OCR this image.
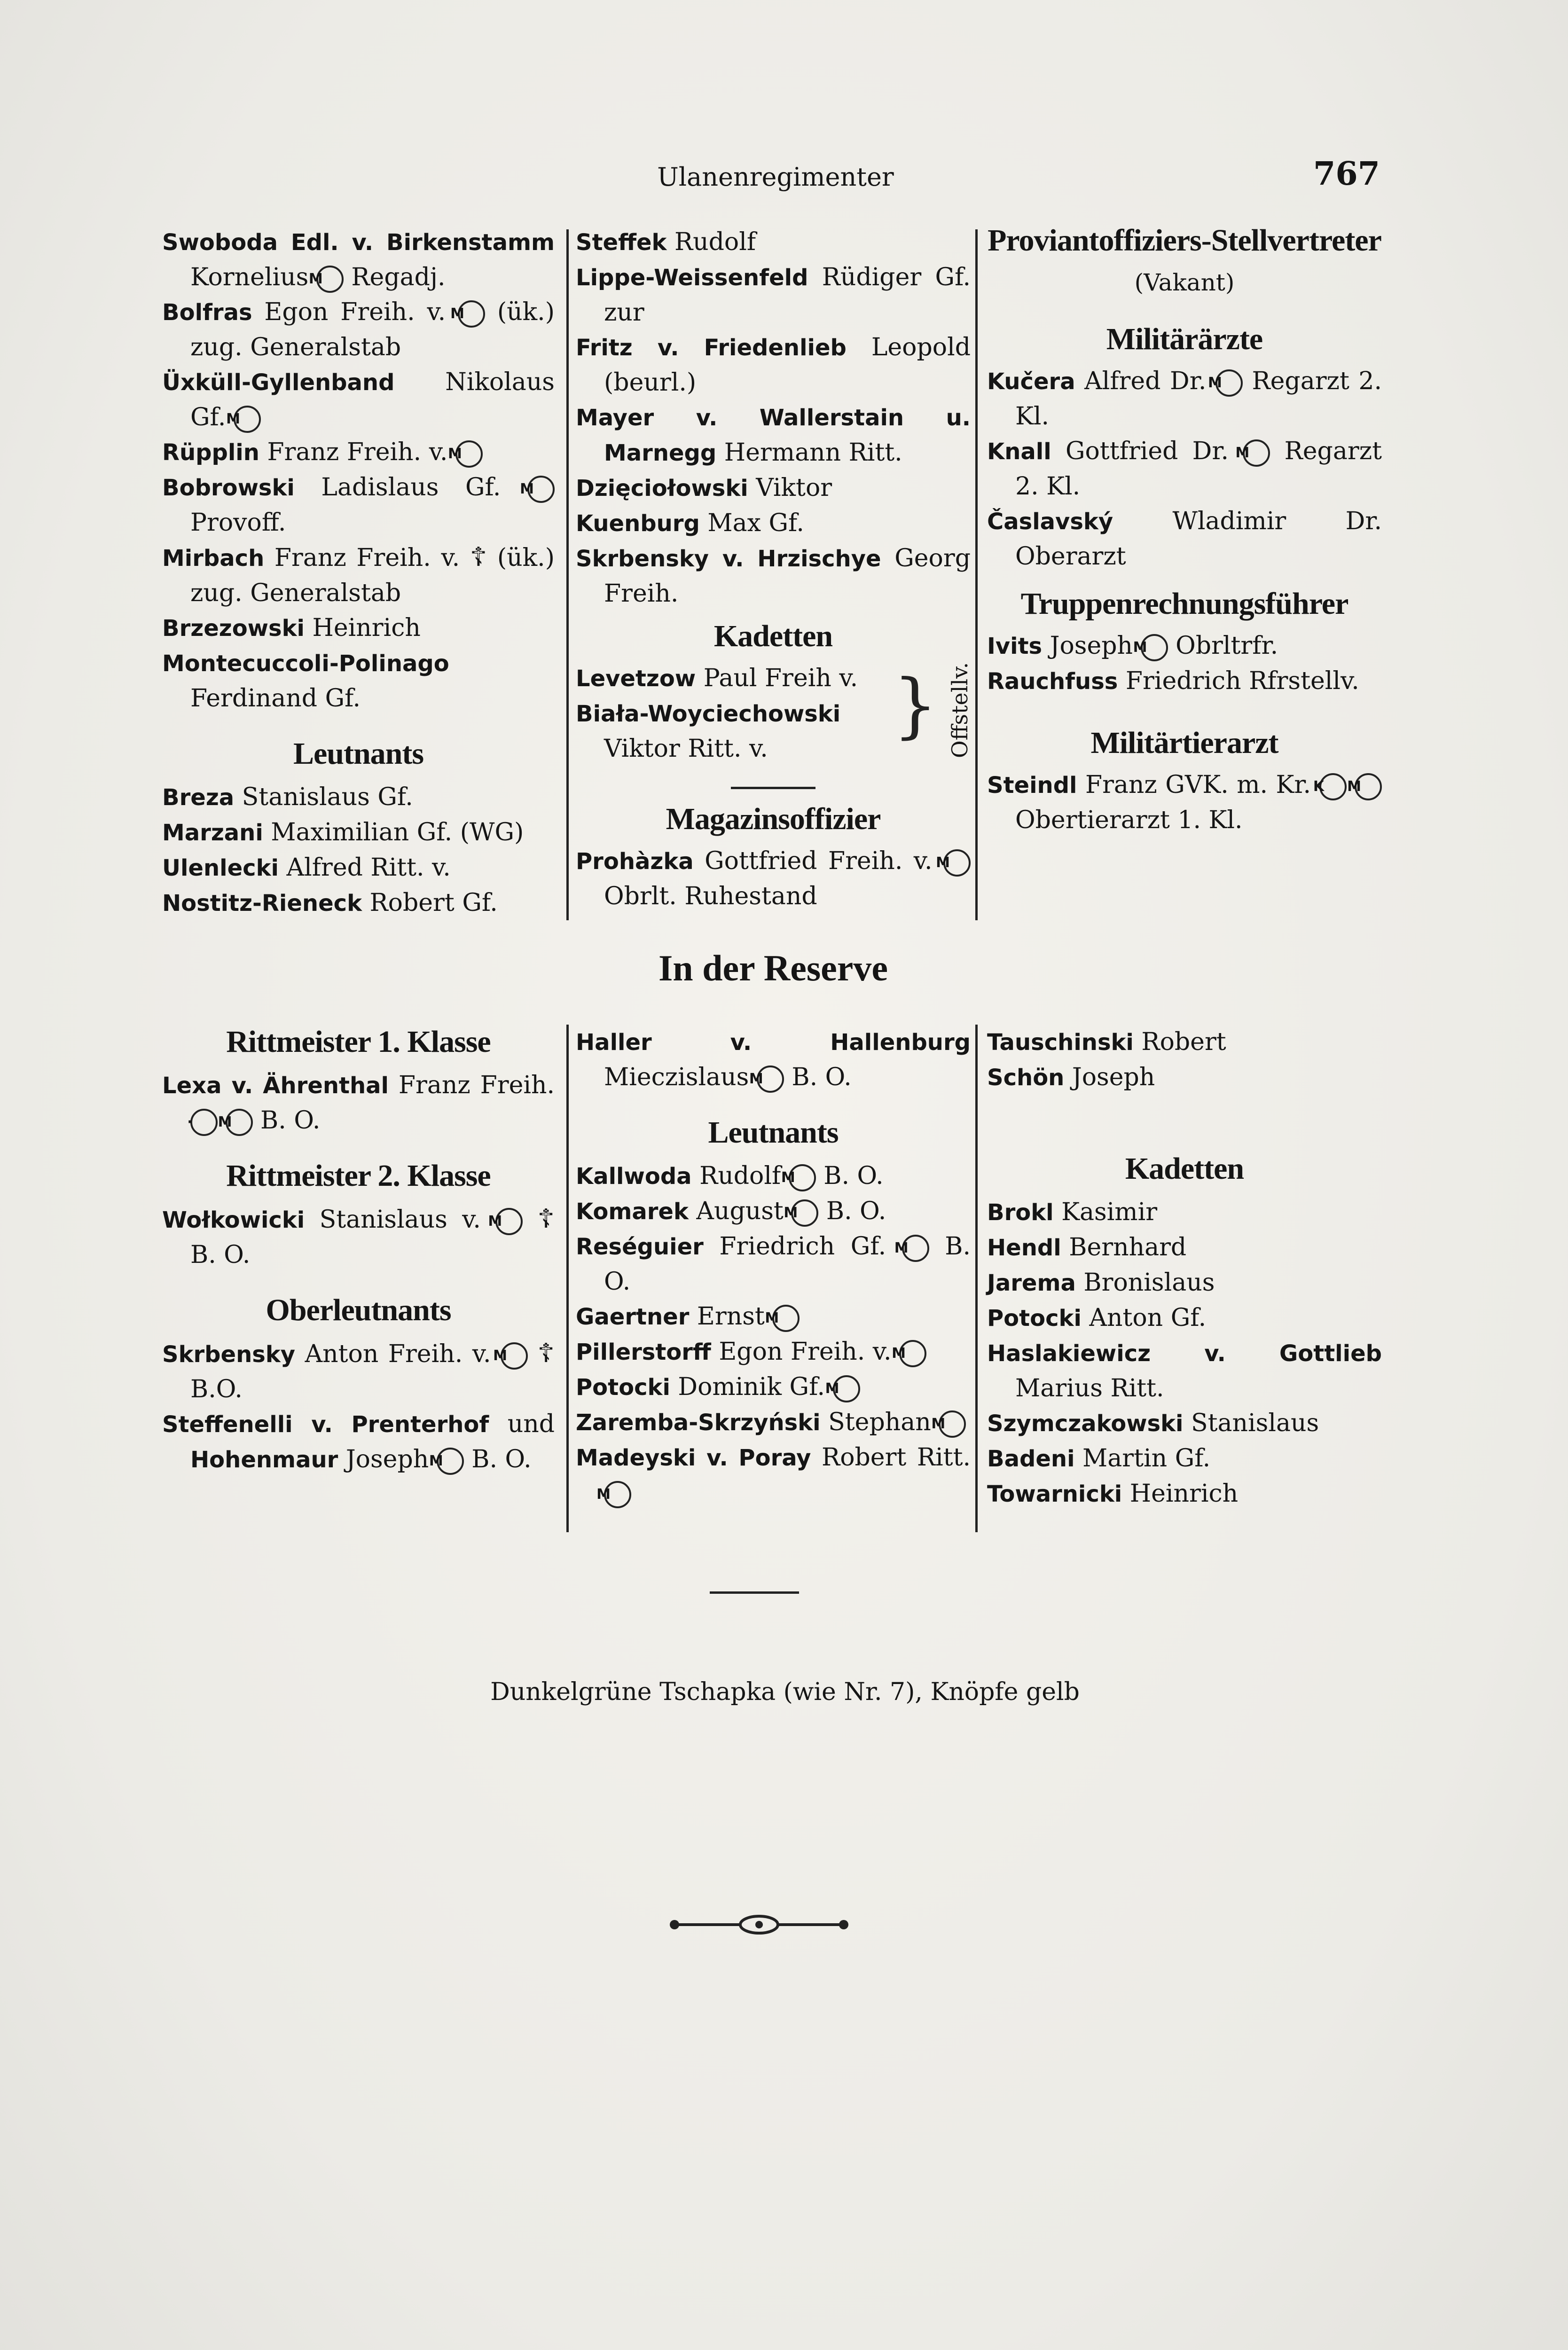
Ulanenregimenter	767

Swoboda Edl. v. Birkenstamm Kornelius M Regadj.

Bolfras Egon Freih. v. M (ük.) zug. Generalstab

Üxküll-Gyllenband Nikolaus Gf. M

Rüpplin Franz Freih. v. M

Bobrowski Ladislaus Gf. M Provoff.

Mirbach Franz Freih. v. ☦ (ük.) zug. Generalstab

Brzezowski Heinrich

Montecuccoli-Polinago Ferdinand Gf.

Leutnants

Breza Stanislaus Gf.

Marzani Maximilian Gf. (WG)

Ulenlecki Alfred Ritt. v.

Nostitz-Rieneck Robert Gf.

Steffek Rudolf

Lippe-Weissenfeld Rüdiger Gf. zur

Fritz v. Friedenlieb Leopold (beurl.)

Mayer v. Wallerstain u. Marnegg Hermann Ritt.

Dzięciołowski Viktor

Kuenburg Max Gf.

Skrbensky v. Hrzischye Georg Freih.

Kadetten

Levetzow Paul Freih v.

Biała-Woyciechowski Viktor Ritt. v.

} Offstellv.
Magazinsoffizier

Prohàzka Gottfried Freih. v. M Obrlt. Ruhestand

Proviantoffiziers-Stellvertreter
(Vakant)
Militärärzte

Kučera Alfred Dr. M Regarzt 2. Kl.

Knall Gottfried Dr. M Regarzt 2. Kl.

Časlavský Wladimir Dr. Oberarzt

Truppenrechnungsführer

Ivits Joseph M Obrltrfr.

Rauchfuss Friedrich Rfrstellv.

Militärtierarzt

Steindl Franz GVK. m. Kr. K M Obertierarzt 1. Kl.

In der Reserve
Rittmeister 1. Klasse

Lexa v. Ährenthal Franz Freih. · M B. O.

Rittmeister 2. Klasse

Wołkowicki Stanislaus v. M ☦ B. O.

Oberleutnants

Skrbensky Anton Freih. v. M ☦ B.O.

Steffenelli v. Prenterhof und Hohenmaur Joseph M B. O.

Haller v. Hallenburg Mieczislaus M B. O.

Leutnants

Kallwoda Rudolf M B. O.

Komarek August M B. O.

Reséguier Friedrich Gf. M B. O.

Gaertner Ernst M

Pillerstorff Egon Freih. v. M

Potocki Dominik Gf. M

Zaremba-Skrzyński Stephan M

Madeyski v. Poray Robert Ritt. M

Tauschinski Robert

Schön Joseph

Kadetten

Brokl Kasimir

Hendl Bernhard

Jarema Bronislaus

Potocki Anton Gf.

Haslakiewicz v. Gottlieb Marius Ritt.

Szymczakowski Stanislaus

Badeni Martin Gf.

Towarnicki Heinrich

Dunkelgrüne Tschapka (wie Nr. 7), Knöpfe gelb
